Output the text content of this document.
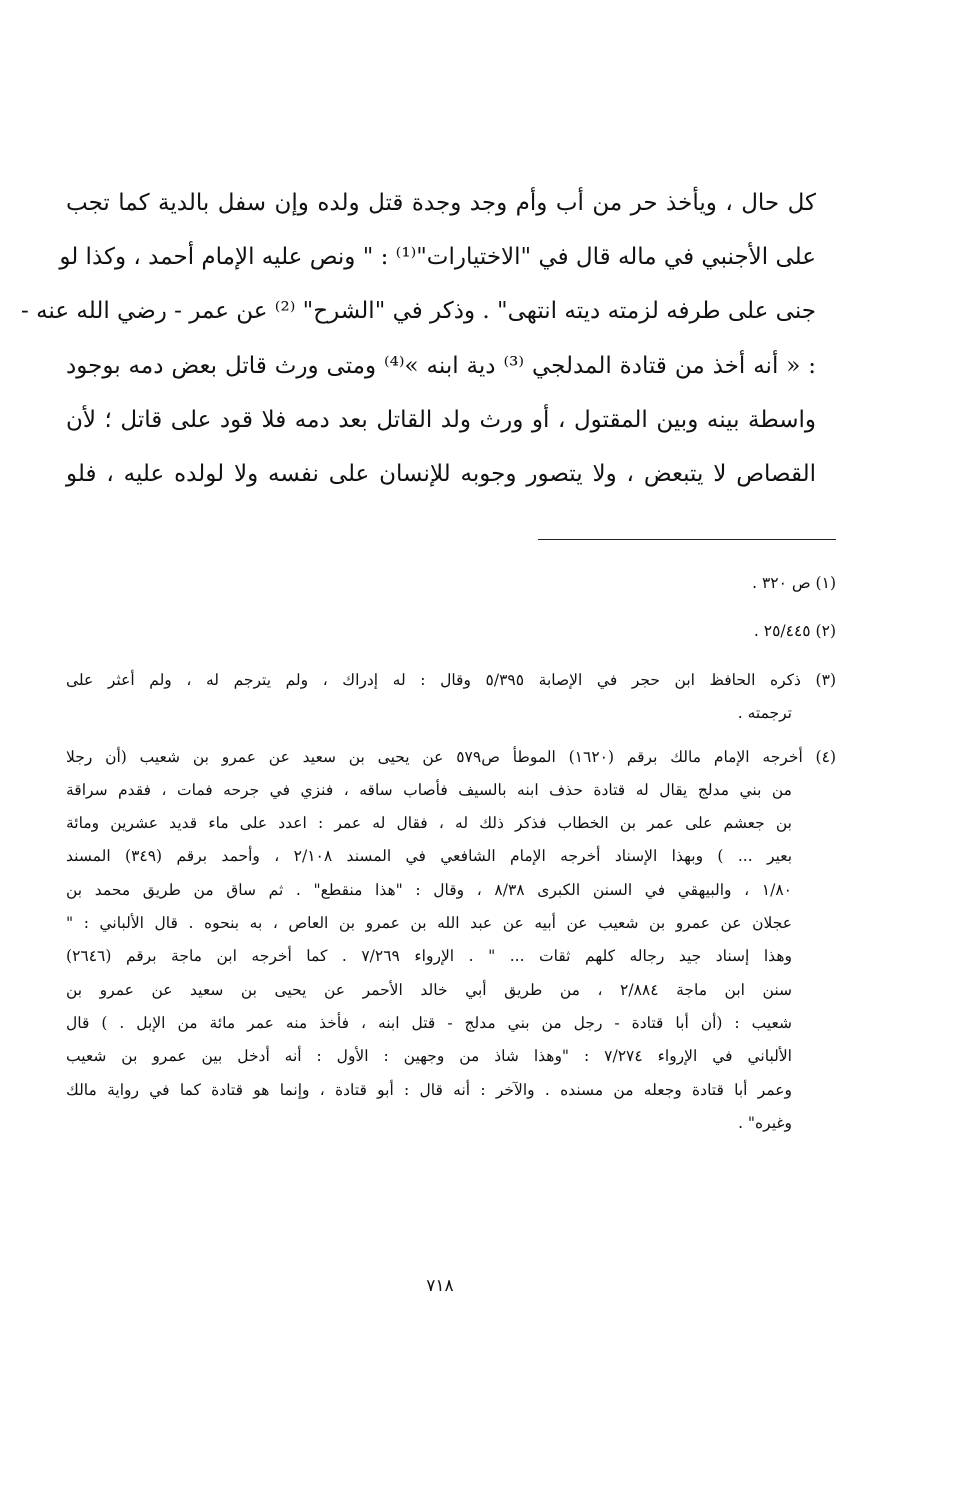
كل حال ، ويأخذ حر من أب وأم وجد وجدة قتل ولده وإن سفل بالدية كما تجب
على الأجنبي في ماله قال في "الاختيارات"⁽¹⁾ : " ونص عليه الإمام أحمد ، وكذا لو
جنى على طرفه لزمته ديته انتهى" . وذكر في "الشرح" ⁽²⁾ عن عمر - رضي الله عنه -
: « أنه أخذ من قتادة المدلجي ⁽³⁾ دية ابنه »⁽⁴⁾ ومتى ورث قاتل بعض دمه بوجود
واسطة بينه وبين المقتول ، أو ورث ولد القاتل بعد دمه فلا قود على قاتل ؛ لأن
القصاص لا يتبعض ، ولا يتصور وجوبه للإنسان على نفسه ولا لولده عليه ، فلو
(١) ص ٣٢٠ .
(٢) ٢٥/٤٤٥ .
(٣) ذكره الحافظ ابن حجر في الإصابة ٥/٣٩٥ وقال : له إدراك ، ولم يترجم له ، ولم أعثر على
ترجمته .
(٤) أخرجه الإمام مالك برقم (١٦٢٠) الموطأ ص٥٧٩ عن يحيى بن سعيد عن عمرو بن شعيب (أن رجلا
من بني مدلج يقال له قتادة حذف ابنه بالسيف فأصاب ساقه ، فنزي في جرحه فمات ، فقدم سراقة
بن جعشم على عمر بن الخطاب فذكر ذلك له ، فقال له عمر : اعدد على ماء قديد عشرين ومائة
بعير ... ) وبهذا الإسناد أخرجه الإمام الشافعي في المسند ٢/١٠٨ ، وأحمد برقم (٣٤٩) المسند
١/٨٠ ، والبيهقي في السنن الكبرى ٨/٣٨ ، وقال : "هذا منقطع" . ثم ساق من طريق محمد بن
عجلان عن عمرو بن شعيب عن أبيه عن عبد الله بن عمرو بن العاص ، به بنحوه . قال الألباني : "
وهذا إسناد جيد رجاله كلهم ثقات ... " . الإرواء ٧/٢٦٩ . كما أخرجه ابن ماجة برقم (٢٦٤٦)
سنن ابن ماجة ٢/٨٨٤ ، من طريق أبي خالد الأحمر عن يحيى بن سعيد عن عمرو بن
شعيب : (أن أبا قتادة - رجل من بني مدلج - قتل ابنه ، فأخذ منه عمر مائة من الإبل . ) قال
الألباني في الإرواء ٧/٢٧٤ : "وهذا شاذ من وجهين : الأول : أنه أدخل بين عمرو بن شعيب
وعمر أبا قتادة وجعله من مسنده . والآخر : أنه قال : أبو قتادة ، وإنما هو قتادة كما في رواية مالك
وغيره" .
٧١٨
